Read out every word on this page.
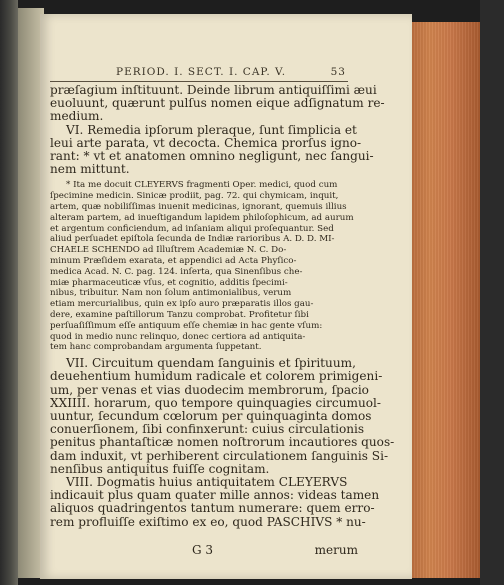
PERIOD. I. SECT. I. CAP. V.	53
præſagium inſtituunt. Deinde librum antiquiſſimi æui
euoluunt, quærunt pulſus nomen eique adſignatum re-
medium.
VI. Remedia ipſorum pleraque, ſunt ſimplicia et
leui arte parata, vt decocta. Chemica prorſus igno-
rant: * vt et anatomen omnino negligunt, nec ſangui-
nem mittunt.
* Ita me docuit CLEYERVS fragmenti Oper. medici, quod cum
ſpecimine medicin. Sinicæ prodiit, pag. 72. qui chymicam, inquit,
artem, quæ nobiliſſimas inuenit medicinas, ignorant, quemuis illius
alteram partem, ad inueſtigandum lapidem philoſophicum, ad aurum
et argentum conficiendum, ad inſaniam aliqui proſequantur. Sed
aliud perſuadet epiſtola ſecunda de Indiæ rarioribus A. D. D. MI-
CHAELE SCHENDO ad Illuſtrem Academiæ N. C. Do-
minum Præſidem exarata, et appendici ad Acta Phyſico-
medica Acad. N. C. pag. 124. inſerta, qua Sinenſibus che-
miæ pharmaceuticæ vſus, et cognitio, additis ſpecimi-
nibus, tribuitur. Nam non ſolum antimonialibus, verum
etiam mercurialibus, quin ex ipſo auro præparatis illos gau-
dere, examine paſtillorum Tanzu comprobat. Profitetur ſibi
perſuaſiſſimum eſſe antiquum eſſe chemiæ in hac gente vſum:
quod in medio nunc relinquo, donec certiora ad antiquita-
tem hanc comprobandam argumenta ſuppetant.
VII. Circuitum quendam ſanguinis et ſpirituum,
deuehentium humidum radicale et colorem primigeni-
um, per venas et vias duodecim membrorum, ſpacio
XXIIII. horarum, quo tempore quinquagies circumuol-
uuntur, ſecundum cœlorum per quinquaginta domos
conuerſionem, ſibi confinxerunt: cuius circulationis
penitus phantaſticæ nomen noſtrorum incautiores quos-
dam induxit, vt perhiberent circulationem ſanguinis Si-
nenſibus antiquitus fuiſſe cognitam.
VIII. Dogmatis huius antiquitatem CLEYERVS
indicauit plus quam quater mille annos: videas tamen
aliquos quadringentos tantum numerare: quem erro-
rem profluiſſe exiſtimo ex eo, quod PASCHIVS * nu-
G 3	merum
